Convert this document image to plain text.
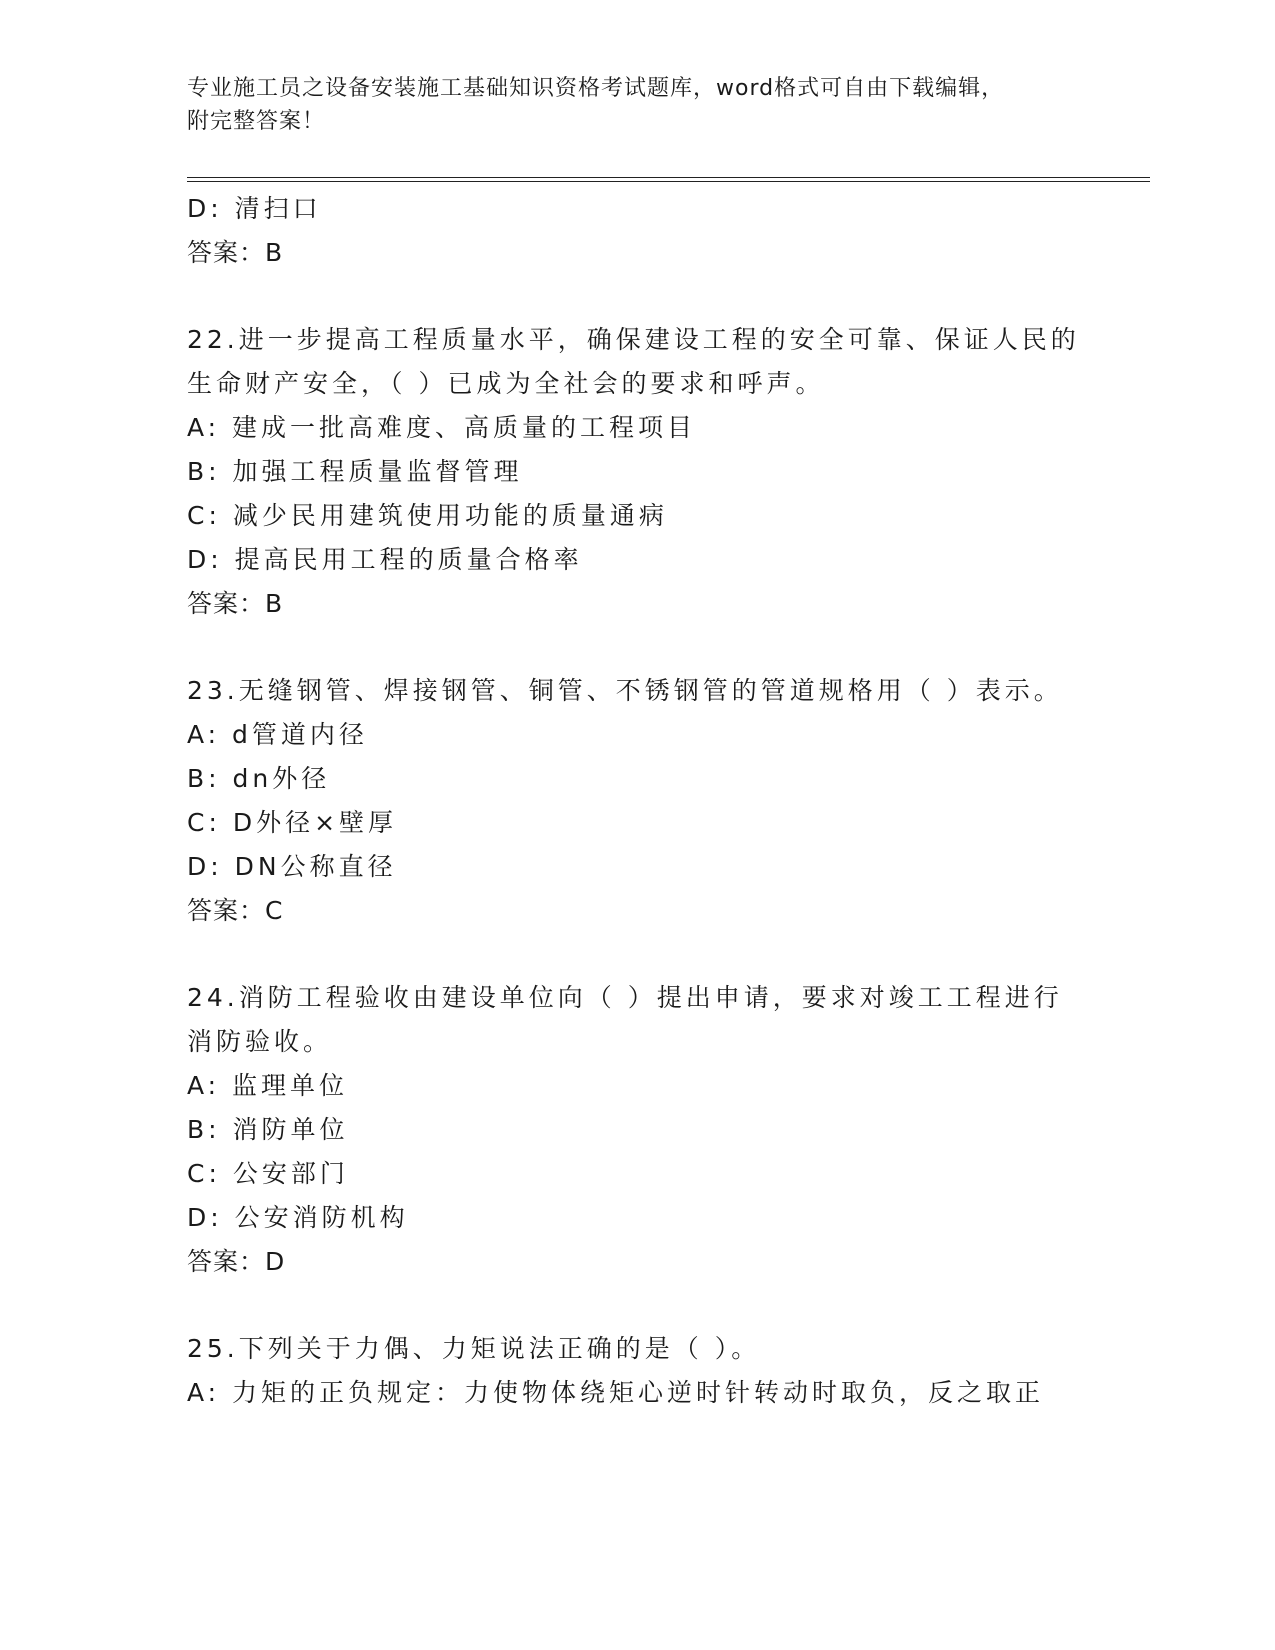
专业施工员之设备安装施工基础知识资格考试题库，word格式可自由下载编辑，
附完整答案！
D: 清扫口
答案：B
22.进一步提高工程质量水平，确保建设工程的安全可靠、保证人民的
生命财产安全，（ ）已成为全社会的要求和呼声。
A: 建成一批高难度、高质量的工程项目
B: 加强工程质量监督管理
C: 减少民用建筑使用功能的质量通病
D: 提高民用工程的质量合格率
答案：B
23.无缝钢管、焊接钢管、铜管、不锈钢管的管道规格用（ ）表示。
A: d管道内径
B: dn外径
C: D外径×壁厚
D: DN公称直径
答案：C
24.消防工程验收由建设单位向（ ）提出申请，要求对竣工工程进行
消防验收。
A: 监理单位
B: 消防单位
C: 公安部门
D: 公安消防机构
答案：D
25.下列关于力偶、力矩说法正确的是（ ）。
A: 力矩的正负规定：力使物体绕矩心逆时针转动时取负，反之取正
